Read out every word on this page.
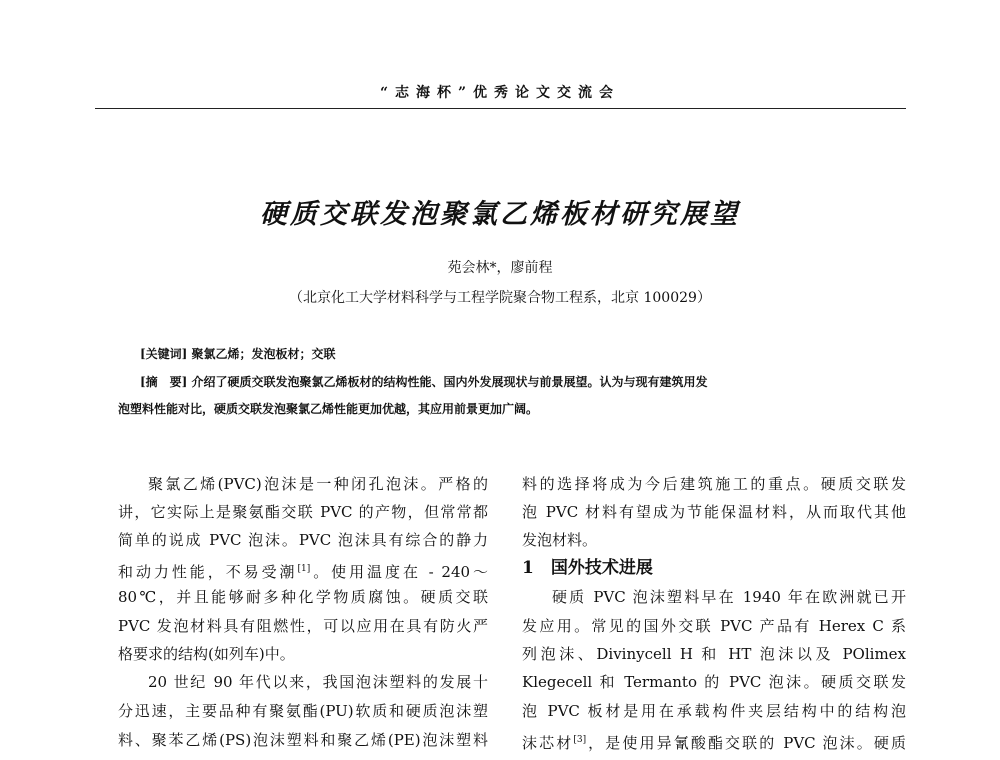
“志海杯”优秀论文交流会
硬质交联发泡聚氯乙烯板材研究展望
苑会林*，廖前程
（北京化工大学材料科学与工程学院聚合物工程系，北京 100029）
[关键词] 聚氯乙烯；发泡板材；交联
[摘　要] 介绍了硬质交联发泡聚氯乙烯板材的结构性能、国内外发展现状与前景展望。认为与现有建筑用发
泡塑料性能对比，硬质交联发泡聚氯乙烯性能更加优越，其应用前景更加广阔。
聚氯乙烯(PVC)泡沫是一种闭孔泡沫。严格的
讲，它实际上是聚氨酯交联 PVC 的产物，但常常都
简单的说成 PVC 泡沫。PVC 泡沫具有综合的静力
和动力性能，不易受潮[1]。使用温度在 - 240～
80℃，并且能够耐多种化学物质腐蚀。硬质交联
PVC 发泡材料具有阻燃性，可以应用在具有防火严
格要求的结构(如列车)中。
20 世纪 90 年代以来，我国泡沫塑料的发展十
分迅速，主要品种有聚氨酯(PU)软质和硬质泡沫塑
料、聚苯乙烯(PS)泡沫塑料和聚乙烯(PE)泡沫塑料
料的选择将成为今后建筑施工的重点。硬质交联发
泡 PVC 材料有望成为节能保温材料，从而取代其他
发泡材料。
1　国外技术进展
硬质 PVC 泡沫塑料早在 1940 年在欧洲就已开
发应用。常见的国外交联 PVC 产品有 Herex C 系
列泡沫、Divinycell H 和 HT 泡沫以及 POlimex
Klegecell 和 Termanto 的 PVC 泡沫。硬质交联发
泡 PVC 板材是用在承载构件夹层结构中的结构泡
沫芯材[3]，是使用异氰酸酯交联的 PVC 泡沫。硬质
